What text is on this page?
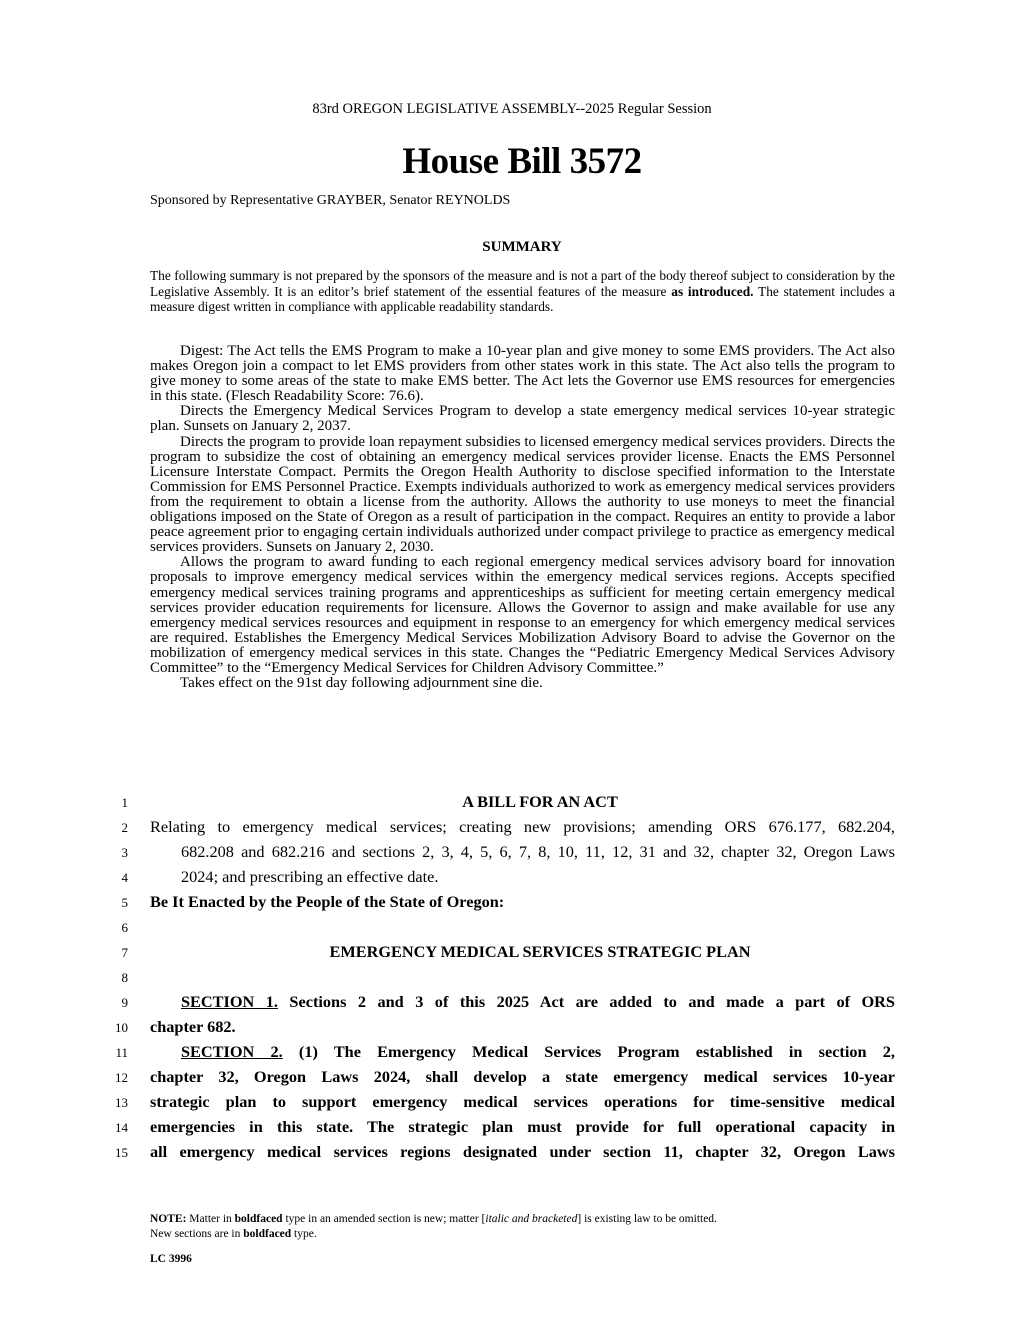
83rd OREGON LEGISLATIVE ASSEMBLY--2025 Regular Session
House Bill 3572
Sponsored by Representative GRAYBER, Senator REYNOLDS
SUMMARY
The following summary is not prepared by the sponsors of the measure and is not a part of the body thereof subject to consideration by the Legislative Assembly. It is an editor’s brief statement of the essential features of the measure as introduced. The statement includes a measure digest written in compliance with applicable readability standards.

Digest: The Act tells the EMS Program to make a 10-year plan and give money to some EMS providers. The Act also makes Oregon join a compact to let EMS providers from other states work in this state. The Act also tells the program to give money to some areas of the state to make EMS better. The Act lets the Governor use EMS resources for emergencies in this state. (Flesch Readability Score: 76.6).

Directs the Emergency Medical Services Program to develop a state emergency medical services 10-year strategic plan. Sunsets on January 2, 2037.

Directs the program to provide loan repayment subsidies to licensed emergency medical services providers. Directs the program to subsidize the cost of obtaining an emergency medical services provider license. Enacts the EMS Personnel Licensure Interstate Compact. Permits the Oregon Health Authority to disclose specified information to the Interstate Commission for EMS Personnel Practice. Exempts individuals authorized to work as emergency medical services providers from the requirement to obtain a license from the authority. Allows the authority to use moneys to meet the financial obligations imposed on the State of Oregon as a result of participation in the compact. Requires an entity to provide a labor peace agreement prior to engaging certain individuals authorized under compact privilege to practice as emergency medical services providers. Sunsets on January 2, 2030.

Allows the program to award funding to each regional emergency medical services advisory board for innovation proposals to improve emergency medical services within the emergency medical services regions. Accepts specified emergency medical services training programs and apprenticeships as sufficient for meeting certain emergency medical services provider education requirements for licensure. Allows the Governor to assign and make available for use any emergency medical services resources and equipment in response to an emergency for which emergency medical services are required. Establishes the Emergency Medical Services Mobilization Advisory Board to advise the Governor on the mobilization of emergency medical services in this state. Changes the “Pediatric Emergency Medical Services Advisory Committee” to the “Emergency Medical Services for Children Advisory Committee.”

Takes effect on the 91st day following adjournment sine die.

1
2
3
4
5
6
7
8
9
10
11
12
13
14
15
A BILL FOR AN ACT
Relating to emergency medical services; creating new provisions; amending ORS 676.177, 682.204,
682.208 and 682.216 and sections 2, 3, 4, 5, 6, 7, 8, 10, 11, 12, 31 and 32, chapter 32, Oregon Laws
2024; and prescribing an effective date.
Be It Enacted by the People of the State of Oregon:
EMERGENCY MEDICAL SERVICES STRATEGIC PLAN
SECTION 1. Sections 2 and 3 of this 2025 Act are added to and made a part of ORS
chapter 682.
SECTION 2. (1) The Emergency Medical Services Program established in section 2,
chapter 32, Oregon Laws 2024, shall develop a state emergency medical services 10-year
strategic plan to support emergency medical services operations for time-sensitive medical
emergencies in this state. The strategic plan must provide for full operational capacity in
all emergency medical services regions designated under section 11, chapter 32, Oregon Laws
NOTE: Matter in boldfaced type in an amended section is new; matter [italic and bracketed] is existing law to be omitted.
New sections are in boldfaced type.
LC 3996
